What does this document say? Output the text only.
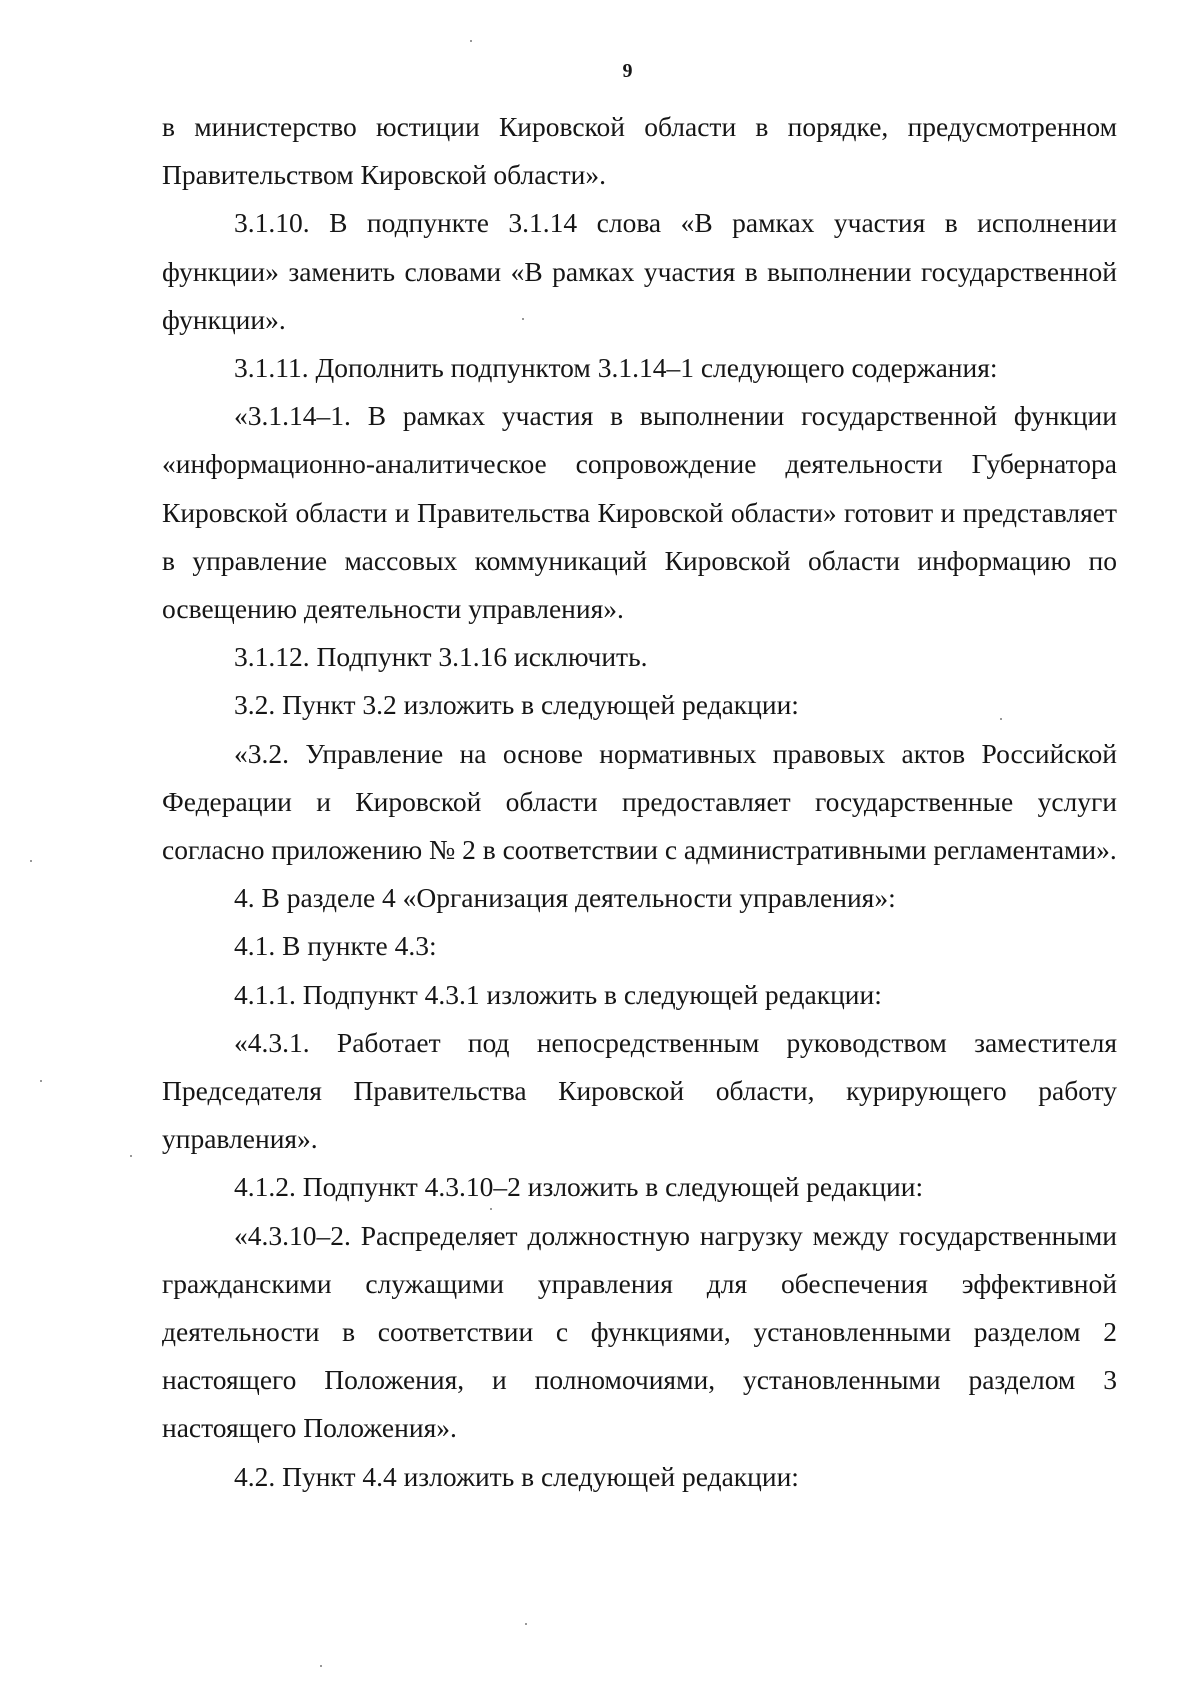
9

в министерство юстиции Кировской области в порядке, предусмотренном Правительством Кировской области».

3.1.10. В подпункте 3.1.14 слова «В рамках участия в исполнении функции» заменить словами «В рамках участия в выполнении государственной функции».

3.1.11. Дополнить подпунктом 3.1.14–1 следующего содержания:

«3.1.14–1. В рамках участия в выполнении государственной функции «информационно-аналитическое сопровождение деятельности Губернатора Кировской области и Правительства Кировской области» готовит и представляет в управление массовых коммуникаций Кировской области информацию по освещению деятельности управления».

3.1.12. Подпункт 3.1.16 исключить.

3.2. Пункт 3.2 изложить в следующей редакции:

«3.2. Управление на основе нормативных правовых актов Российской Федерации и Кировской области предоставляет государственные услуги согласно приложению № 2 в соответствии с административными регламентами».

4. В разделе 4 «Организация деятельности управления»:

4.1. В пункте 4.3:

4.1.1. Подпункт 4.3.1 изложить в следующей редакции:

«4.3.1. Работает под непосредственным руководством заместителя Председателя Правительства Кировской области, курирующего работу управления».

4.1.2. Подпункт 4.3.10–2 изложить в следующей редакции:

«4.3.10–2. Распределяет должностную нагрузку между государственными гражданскими служащими управления для обеспечения эффективной деятельности в соответствии с функциями, установленными разделом 2 настоящего Положения, и полномочиями, установленными разделом 3 настоящего Положения».

4.2. Пункт 4.4 изложить в следующей редакции:
